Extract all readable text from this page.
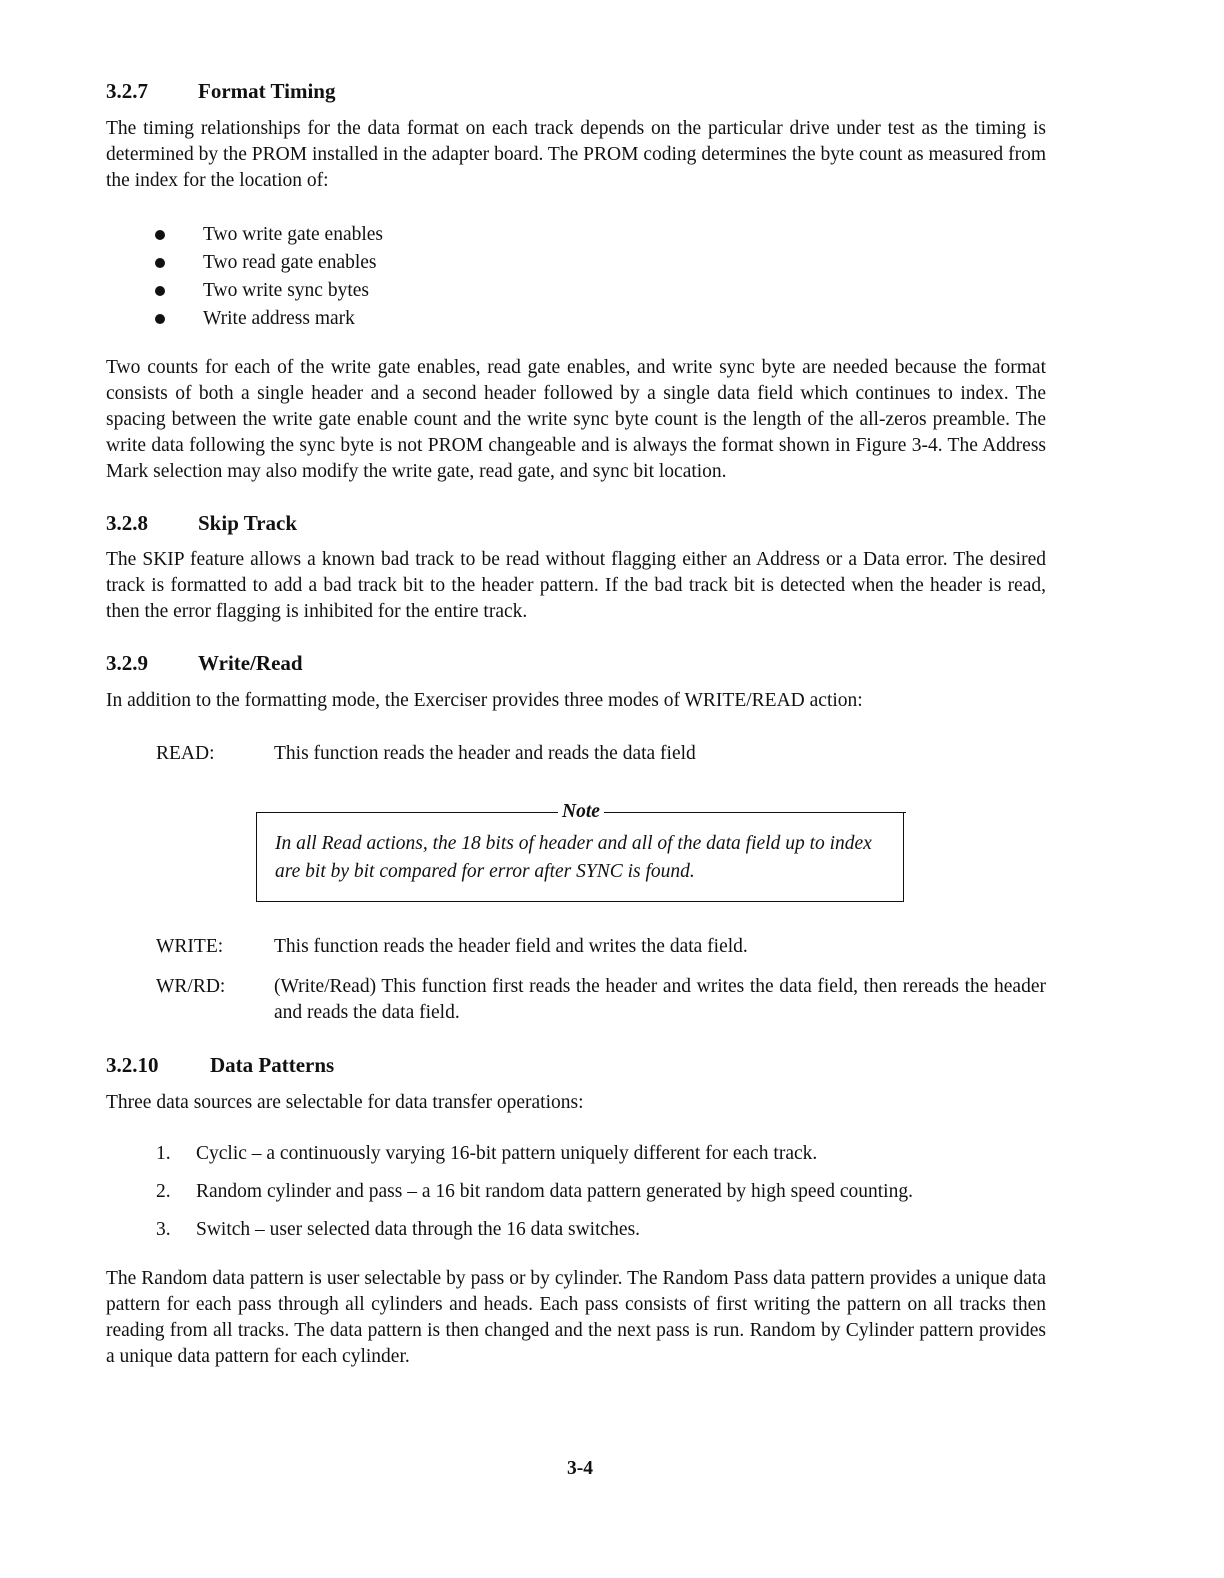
3.2.7 Format Timing

The timing relationships for the data format on each track depends on the particular drive under test as the timing is determined by the PROM installed in the adapter board. The PROM coding determines the byte count as measured from the index for the location of:

Two write gate enables
Two read gate enables
Two write sync bytes
Write address mark

Two counts for each of the write gate enables, read gate enables, and write sync byte are needed because the format consists of both a single header and a second header followed by a single data field which continues to index. The spacing between the write gate enable count and the write sync byte count is the length of the all-zeros preamble. The write data following the sync byte is not PROM changeable and is always the format shown in Figure 3-4. The Address Mark selection may also modify the write gate, read gate, and sync bit location.

3.2.8 Skip Track

The SKIP feature allows a known bad track to be read without flagging either an Address or a Data error. The desired track is formatted to add a bad track bit to the header pattern. If the bad track bit is detected when the header is read, then the error flagging is inhibited for the entire track.

3.2.9 Write/Read

In addition to the formatting mode, the Exerciser provides three modes of WRITE/READ action:

READ:	This function reads the header and reads the data field
Note

In all Read actions, the 18 bits of header and all of the data field up to index are bit by bit compared for error after SYNC is found.

WRITE:	This function reads the header field and writes the data field.
WR/RD: (Write/Read) This function first reads the header and writes the data field, then rereads the header and reads the data field.
3.2.10 Data Patterns

Three data sources are selectable for data transfer operations:

1. Cyclic – a continuously varying 16-bit pattern uniquely different for each track.
2. Random cylinder and pass – a 16 bit random data pattern generated by high speed counting.
3. Switch – user selected data through the 16 data switches.

The Random data pattern is user selectable by pass or by cylinder. The Random Pass data pattern provides a unique data pattern for each pass through all cylinders and heads. Each pass consists of first writing the pattern on all tracks then reading from all tracks. The data pattern is then changed and the next pass is run. Random by Cylinder pattern provides a unique data pattern for each cylinder.

3-4
